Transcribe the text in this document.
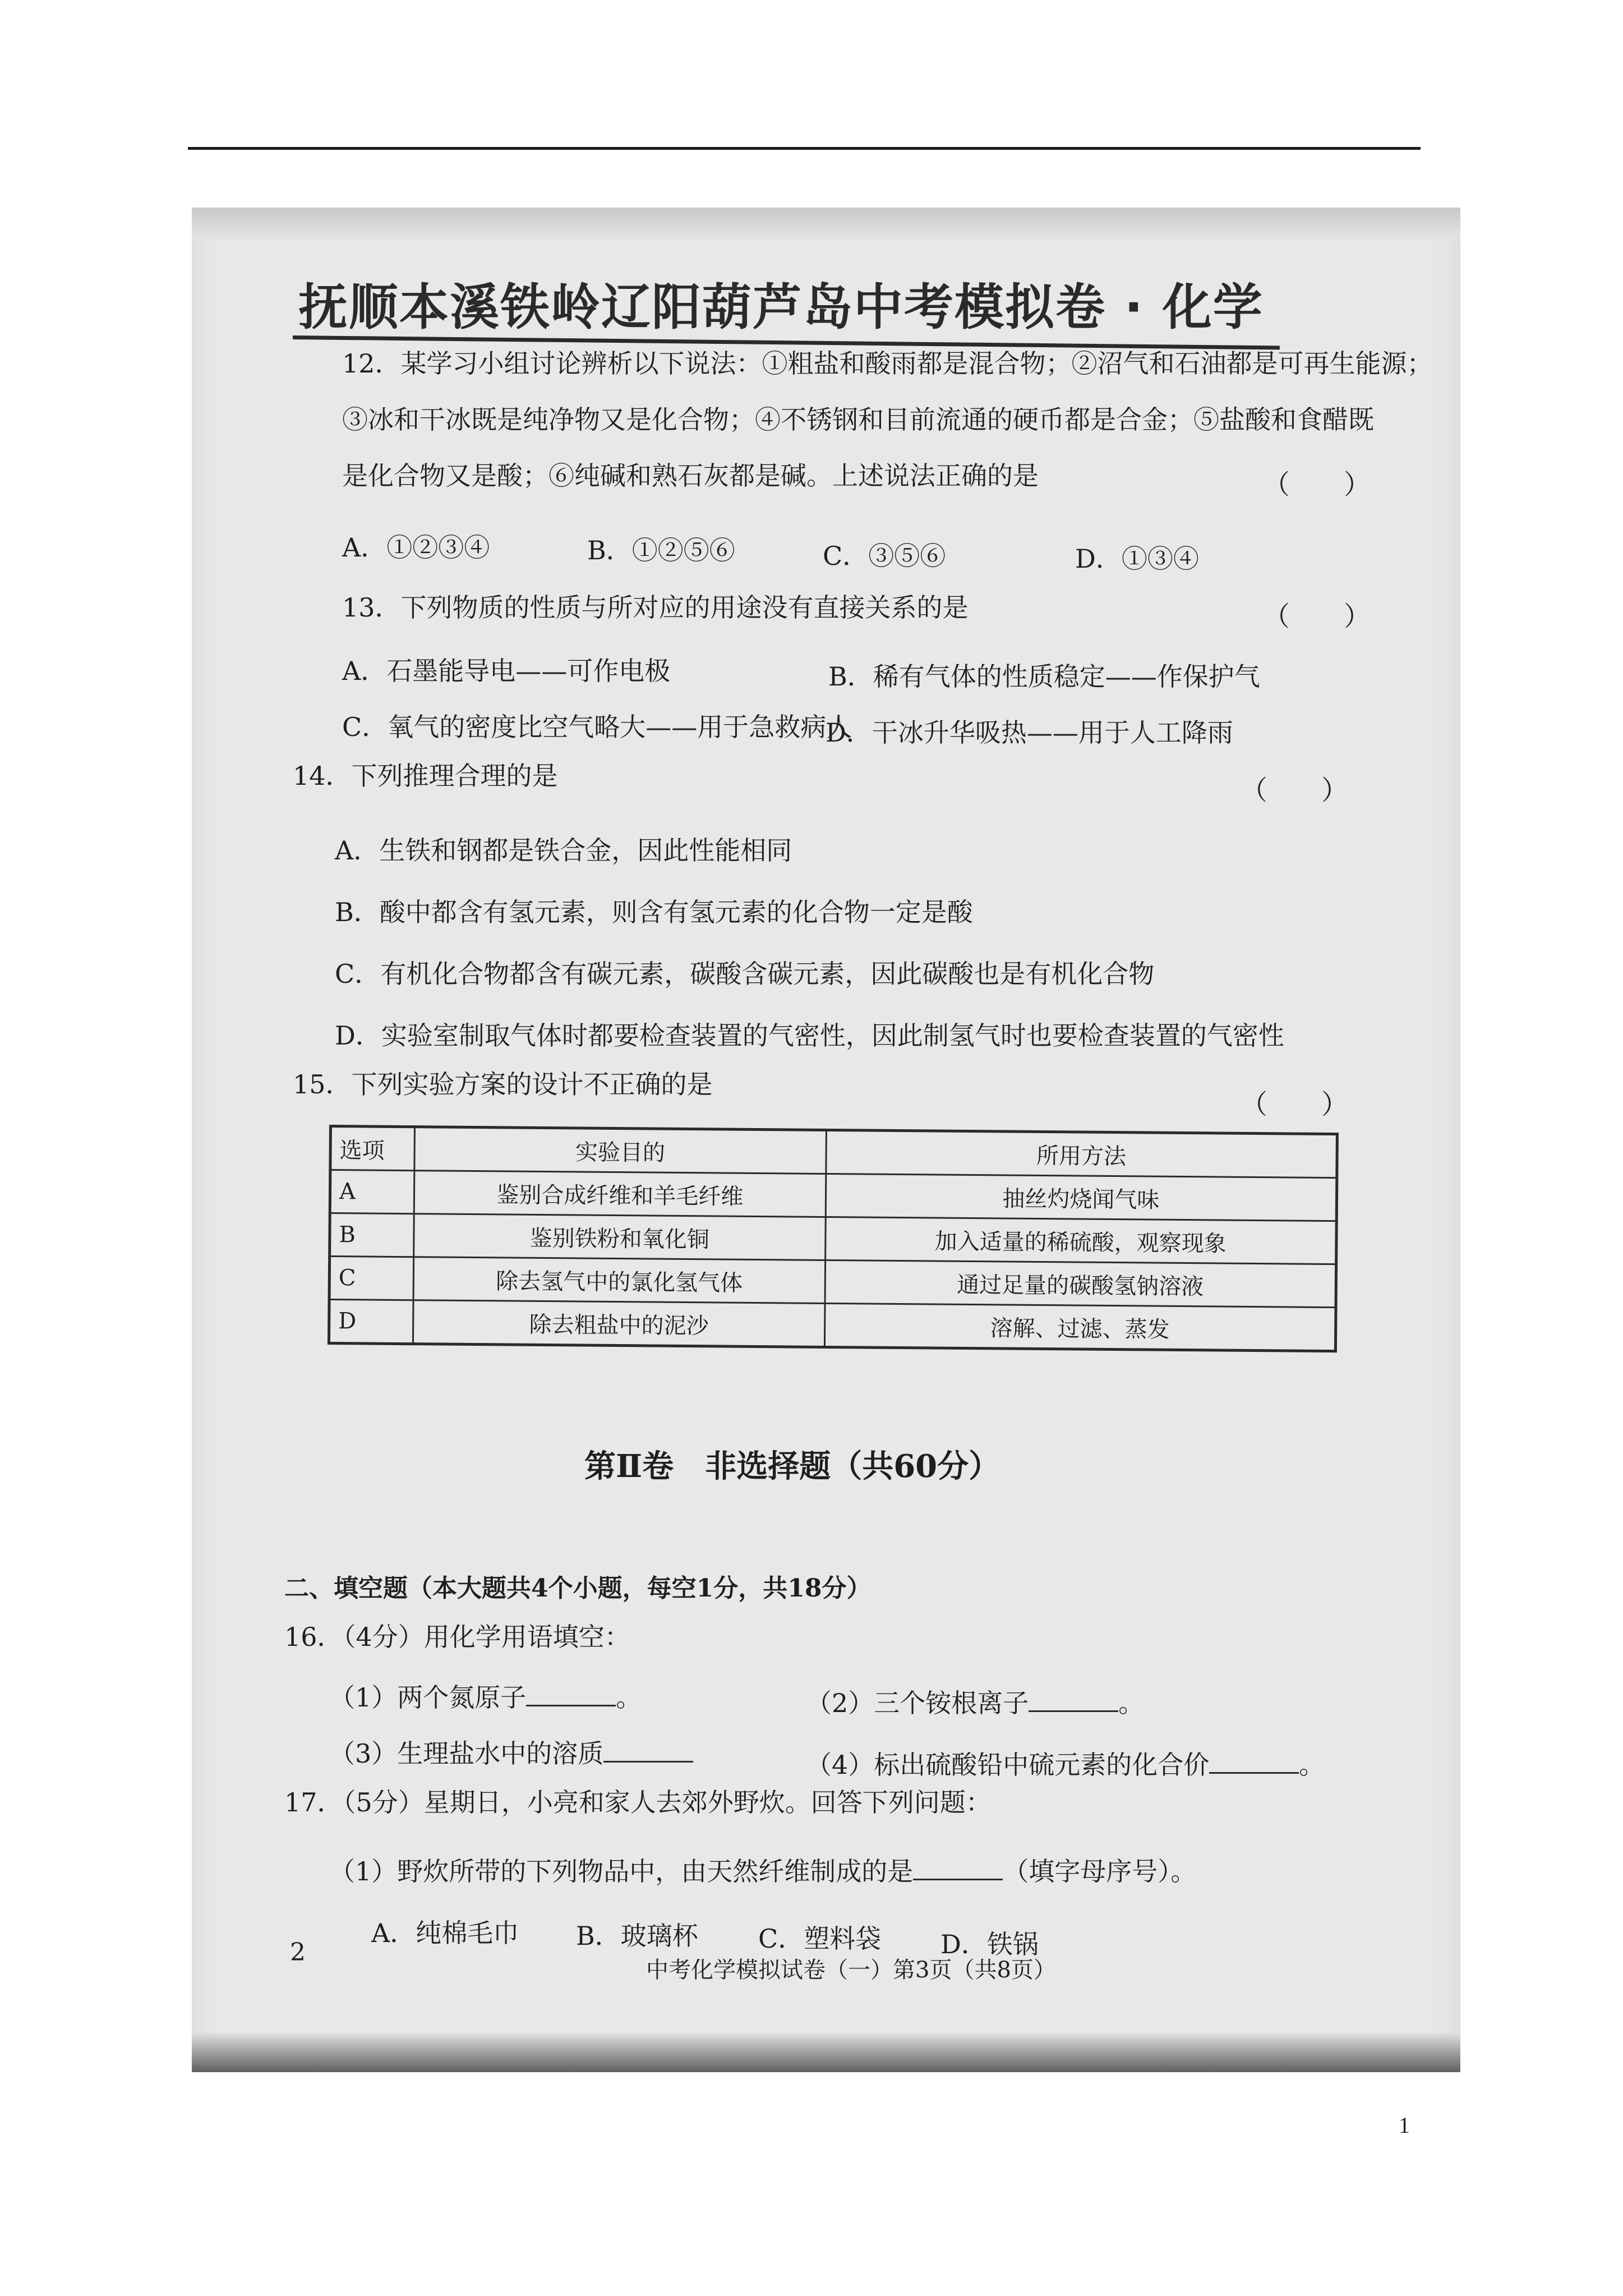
抚顺本溪铁岭辽阳葫芦岛中考模拟卷 · 化学
12．某学习小组讨论辨析以下说法：①粗盐和酸雨都是混合物；②沼气和石油都是可再生能源；
③冰和干冰既是纯净物又是化合物；④不锈钢和目前流通的硬币都是合金；⑤盐酸和食醋既
是化合物又是酸；⑥纯碱和熟石灰都是碱。上述说法正确的是	（　　）
A．①②③④	B．①②⑤⑥	C．③⑤⑥	D．①③④
13．下列物质的性质与所对应的用途没有直接关系的是	（　　）
A．石墨能导电——可作电极	B．稀有气体的性质稳定——作保护气
C．氧气的密度比空气略大——用于急救病人
D．干冰升华吸热——用于人工降雨
14．下列推理合理的是	（　　）
A．生铁和钢都是铁合金，因此性能相同
B．酸中都含有氢元素，则含有氢元素的化合物一定是酸
C．有机化合物都含有碳元素，碳酸含碳元素，因此碳酸也是有机化合物
D．实验室制取气体时都要检查装置的气密性，因此制氢气时也要检查装置的气密性
15．下列实验方案的设计不正确的是
（　　）
选项	实验目的	所用方法
A	鉴别合成纤维和羊毛纤维	抽丝灼烧闻气味
B	鉴别铁粉和氧化铜	加入适量的稀硫酸，观察现象
C	除去氢气中的氯化氢气体	通过足量的碳酸氢钠溶液
D	除去粗盐中的泥沙	溶解、过滤、蒸发
第Ⅱ卷　非选择题（共60分）
二、填空题（本大题共4个小题，每空1分，共18分）
16．（4分）用化学用语填空：
（1）两个氮原子	。	（2）三个铵根离子	。
（3）生理盐水中的溶质	（4）标出硫酸铅中硫元素的化合价	。
17．（5分）星期日，小亮和家人去郊外野炊。回答下列问题：
（1）野炊所带的下列物品中，由天然纤维制成的是	（填字母序号）。
A．纯棉毛巾 B．玻璃杯 C．塑料袋 D．铁锅
2
中考化学模拟试卷（一）第3页（共8页）
1
